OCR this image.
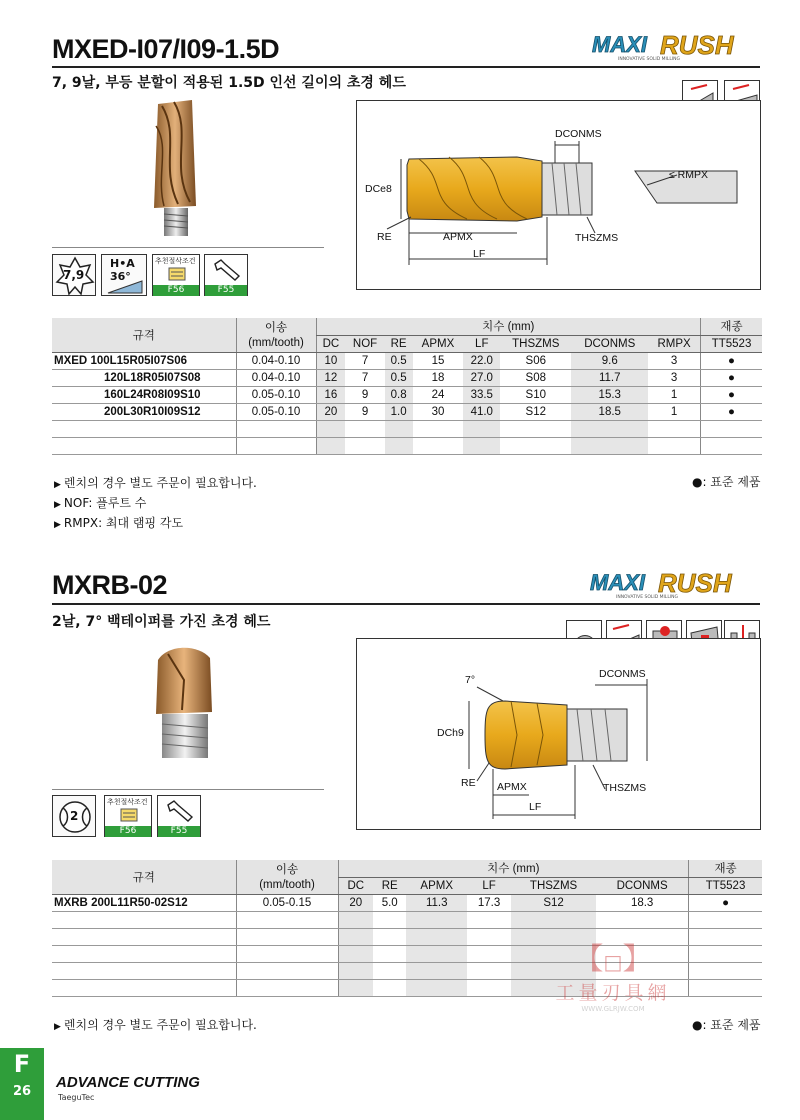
MXED-I07/I09-1.5D	MAXI RUSH
INNOVATIVE SOLID MILLING
7, 9날, 부등 분할이 적용된 1.5D 인선 길이의 초경 헤드
7,9
H•A
36°
추천절삭조건
F56	F55
DCONMS
DCe8
RE	APMX
LF
THSZMS
≤ RMPX
규격	이송	치수 (mm)								재종
	(mm/tooth)	DC	NOF	RE	APMX	LF	THSZMS	DCONMS	RMPX	TT5523
MXED 100L15R05I07S06	0.04-0.10	10	7	0.5	15	22.0	S06	9.6	3	●
120L18R05I07S08	0.04-0.10	12	7	0.5	18	27.0	S08	11.7	3	●
160L24R08I09S10	0.05-0.10	16	9	0.8	24	33.5	S10	15.3	1	●
200L30R10I09S12	0.05-0.10	20	9	1.0	30	41.0	S12	18.5	1	●

▶ 렌치의 경우 별도 주문이 필요합니다.
▶ NOF: 플루트 수
▶ RMPX: 최대 램핑 각도
●: 표준 제품
MXRB-02	MAXI RUSH
INNOVATIVE SOLID MILLING
2날, 7° 백테이퍼를 가진 초경 헤드
2
추천절삭조건
F56	F55
7°	DCONMS
DCh9
RE APMX
LF
THSZMS
규격	이송	치수 (mm)						재종
	(mm/tooth)	DC	RE	APMX	LF	THSZMS	DCONMS	TT5523
MXRB 200L11R50-02S12	0.05-0.15	20	5.0	11.3	17.3	S12	18.3	●

【□】
工量刃具網
WWW.GLRJW.COM
▶ 렌치의 경우 별도 주문이 필요합니다.	●: 표준 제품
F
26
ADVANCE CUTTING
TaeguTec
